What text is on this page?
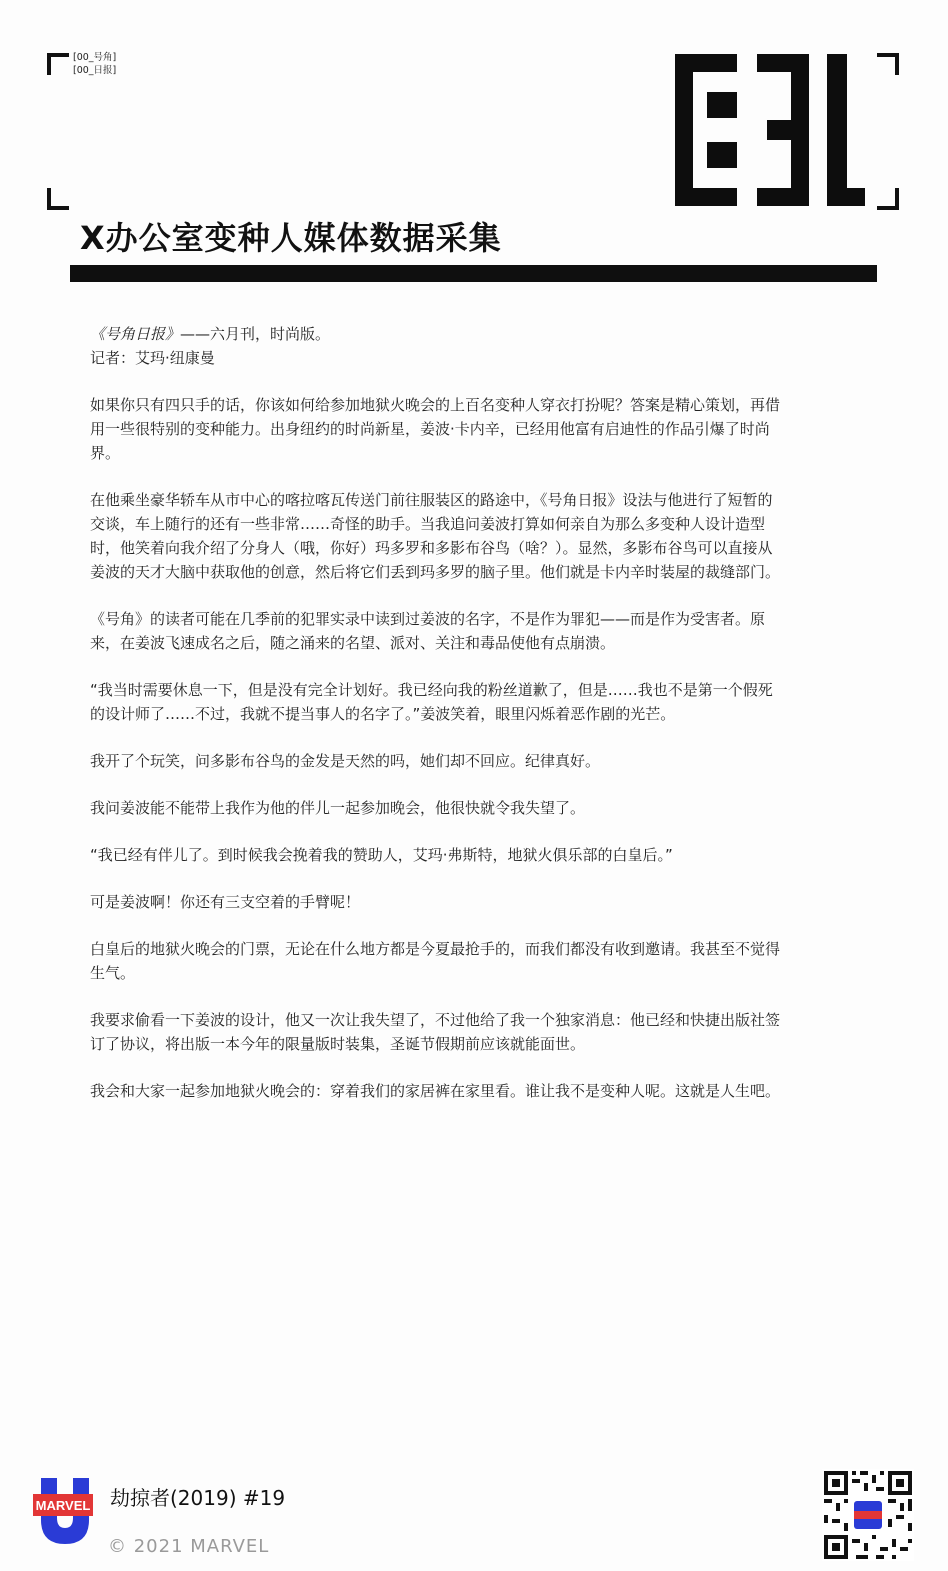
[00_号角]
[00_日报]
X办公室变种人媒体数据采集

《号角日报》——六月刊，时尚版。

记者：艾玛·纽康曼

如果你只有四只手的话，你该如何给参加地狱火晚会的上百名变种人穿衣打扮呢？答案是精心策划，再借用一些很特别的变种能力。出身纽约的时尚新星，姜波·卡内辛，已经用他富有启迪性的作品引爆了时尚界。

在他乘坐豪华轿车从市中心的喀拉喀瓦传送门前往服装区的路途中，《号角日报》设法与他进行了短暂的交谈，车上随行的还有一些非常……奇怪的助手。当我追问姜波打算如何亲自为那么多变种人设计造型时，他笑着向我介绍了分身人（哦，你好）玛多罗和多影布谷鸟（啥？）。显然，多影布谷鸟可以直接从姜波的天才大脑中获取他的创意，然后将它们丢到玛多罗的脑子里。他们就是卡内辛时装屋的裁缝部门。

《号角》的读者可能在几季前的犯罪实录中读到过姜波的名字，不是作为罪犯——而是作为受害者。原来，在姜波飞速成名之后，随之涌来的名望、派对、关注和毒品使他有点崩溃。

“我当时需要休息一下，但是没有完全计划好。我已经向我的粉丝道歉了，但是……我也不是第一个假死的设计师了……不过，我就不提当事人的名字了。”姜波笑着，眼里闪烁着恶作剧的光芒。

我开了个玩笑，问多影布谷鸟的金发是天然的吗，她们却不回应。纪律真好。

我问姜波能不能带上我作为他的伴儿一起参加晚会，他很快就令我失望了。

“我已经有伴儿了。到时候我会挽着我的赞助人，艾玛·弗斯特，地狱火俱乐部的白皇后。”

可是姜波啊！你还有三支空着的手臂呢！

白皇后的地狱火晚会的门票，无论在什么地方都是今夏最抢手的，而我们都没有收到邀请。我甚至不觉得生气。

我要求偷看一下姜波的设计，他又一次让我失望了，不过他给了我一个独家消息：他已经和快捷出版社签订了协议，将出版一本今年的限量版时装集，圣诞节假期前应该就能面世。

我会和大家一起参加地狱火晚会的：穿着我们的家居裤在家里看。谁让我不是变种人呢。这就是人生吧。

MARVEL 劫掠者(2019) #19
© 2021 MARVEL
